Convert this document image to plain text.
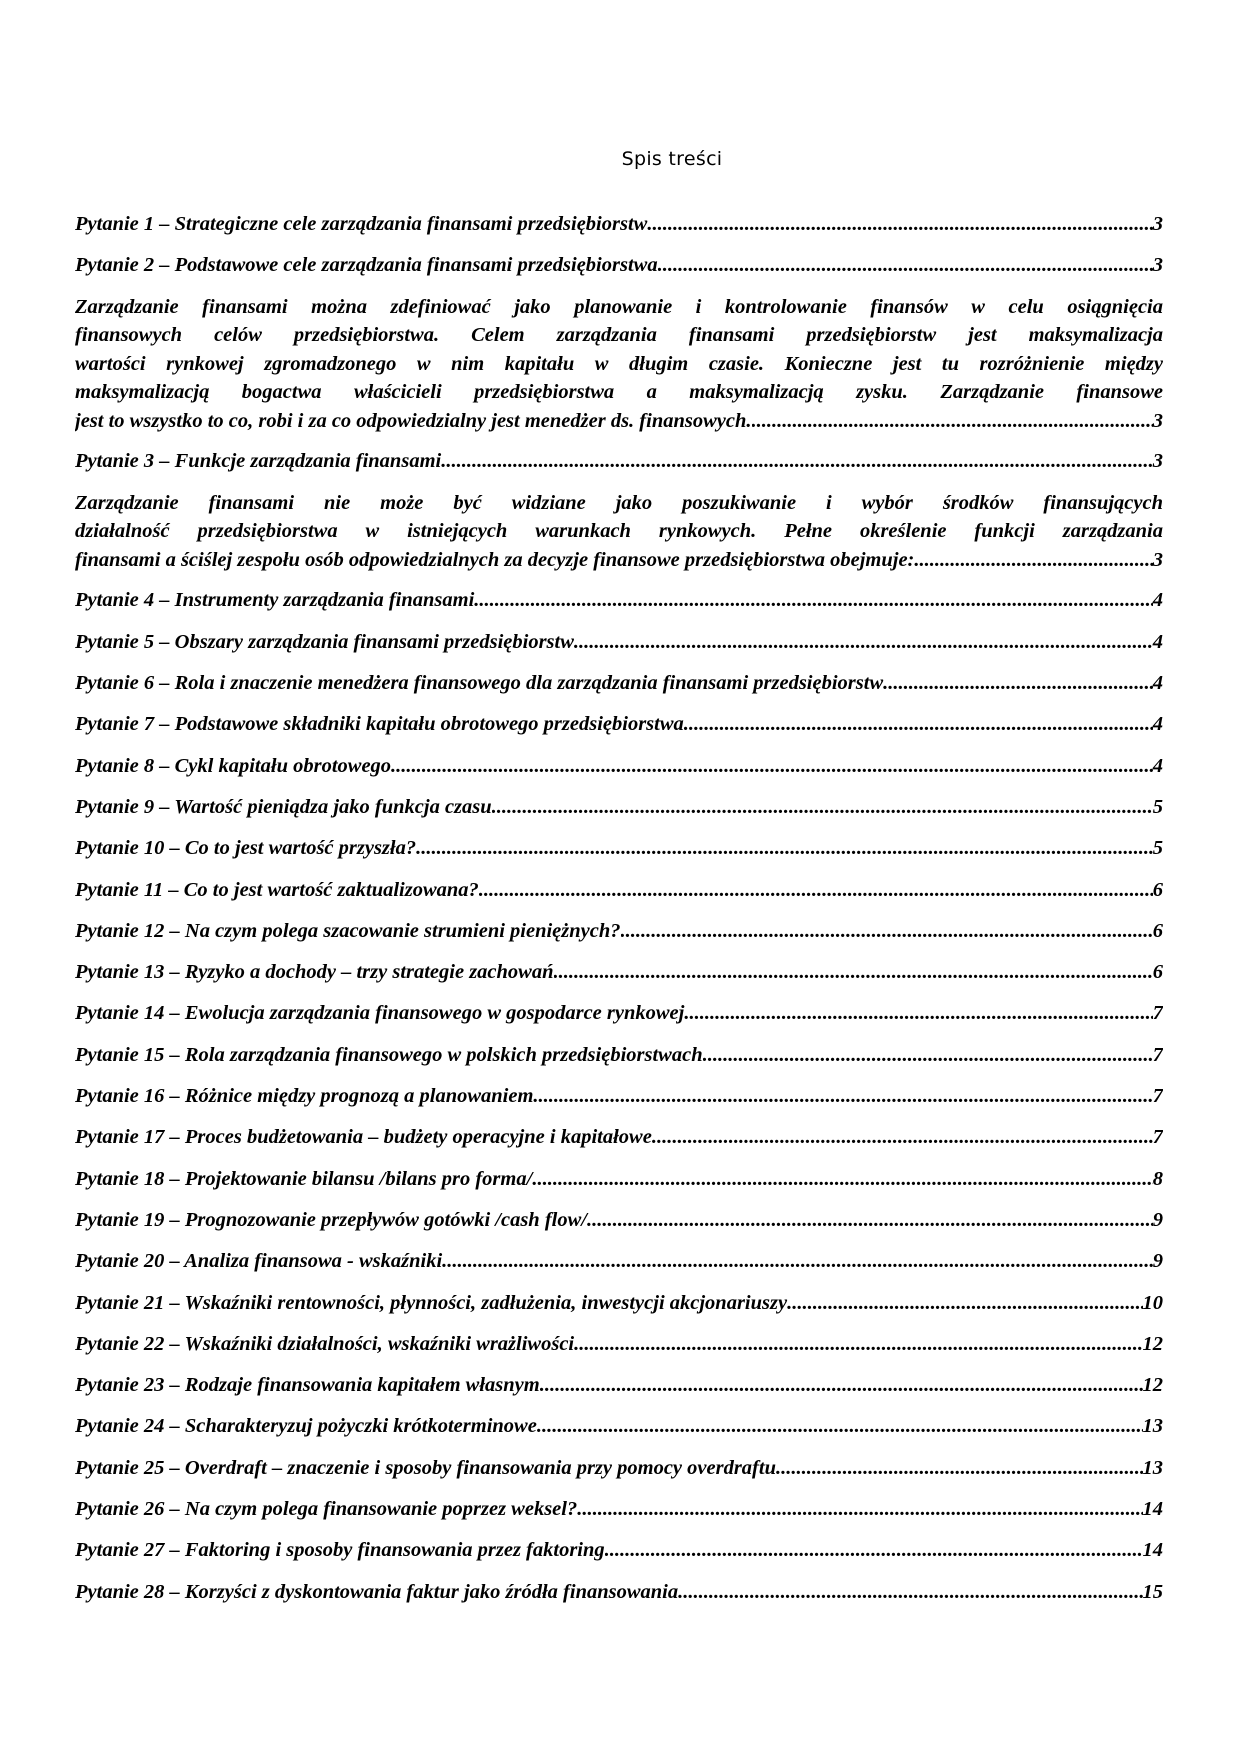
Spis treści
Pytanie 1 – Strategiczne cele zarządzania finansami przedsiębiorstw .....	3
Pytanie 2 – Podstawowe cele zarządzania finansami przedsiębiorstwa .....	3
Zarządzanie finansami można zdefiniować jako planowanie i kontrolowanie finansów w celu osiągnięcia
finansowych celów przedsiębiorstwa. Celem zarządzania finansami przedsiębiorstw jest maksymalizacja
wartości rynkowej zgromadzonego w nim kapitału w długim czasie. Konieczne jest tu rozróżnienie między
maksymalizacją bogactwa właścicieli przedsiębiorstwa a maksymalizacją zysku. Zarządzanie finansowe
jest to wszystko to co, robi i za co odpowiedzialny jest menedżer ds. finansowych. .....	3
Pytanie 3 – Funkcje zarządzania finansami .....	3
Zarządzanie finansami nie może być widziane jako poszukiwanie i wybór środków finansujących
działalność przedsiębiorstwa w istniejących warunkach rynkowych. Pełne określenie funkcji zarządzania
finansami a ściślej zespołu osób odpowiedzialnych za decyzje finansowe przedsiębiorstwa obejmuje: .....	3
Pytanie 4 – Instrumenty zarządzania finansami .....	4
Pytanie 5 – Obszary zarządzania finansami przedsiębiorstw .....	4
Pytanie 6 – Rola i znaczenie menedżera finansowego dla zarządzania finansami przedsiębiorstw .....	4
Pytanie 7 – Podstawowe składniki kapitału obrotowego przedsiębiorstwa .....	4
Pytanie 8 – Cykl kapitału obrotowego .....	4
Pytanie 9 – Wartość pieniądza jako funkcja czasu .....	5
Pytanie 10 – Co to jest wartość przyszła? .....	5
Pytanie 11 – Co to jest wartość zaktualizowana? .....	6
Pytanie 12 – Na czym polega szacowanie strumieni pieniężnych? .....	6
Pytanie 13 – Ryzyko a dochody – trzy strategie zachowań .....	6
Pytanie 14 – Ewolucja zarządzania finansowego w gospodarce rynkowej .....	7
Pytanie 15 – Rola zarządzania finansowego w polskich przedsiębiorstwach .....	7
Pytanie 16 – Różnice między prognozą a planowaniem .....	7
Pytanie 17 – Proces budżetowania – budżety operacyjne i kapitałowe .....	7
Pytanie 18 – Projektowanie bilansu /bilans pro forma/ .....	8
Pytanie 19 – Prognozowanie przepływów gotówki /cash flow/ .....	9
Pytanie 20 – Analiza finansowa - wskaźniki .....	9
Pytanie 21 – Wskaźniki rentowności, płynności, zadłużenia, inwestycji akcjonariuszy .....	10
Pytanie 22 – Wskaźniki działalności, wskaźniki wrażliwości .....	12
Pytanie 23 – Rodzaje finansowania kapitałem własnym .....	12
Pytanie 24 – Scharakteryzuj pożyczki krótkoterminowe .....	13
Pytanie 25 – Overdraft – znaczenie i sposoby finansowania przy pomocy overdraftu .....	13
Pytanie 26 – Na czym polega finansowanie poprzez weksel? .....	14
Pytanie 27 – Faktoring i sposoby finansowania przez faktoring .....	14
Pytanie 28 – Korzyści z dyskontowania faktur jako źródła finansowania .....	15
